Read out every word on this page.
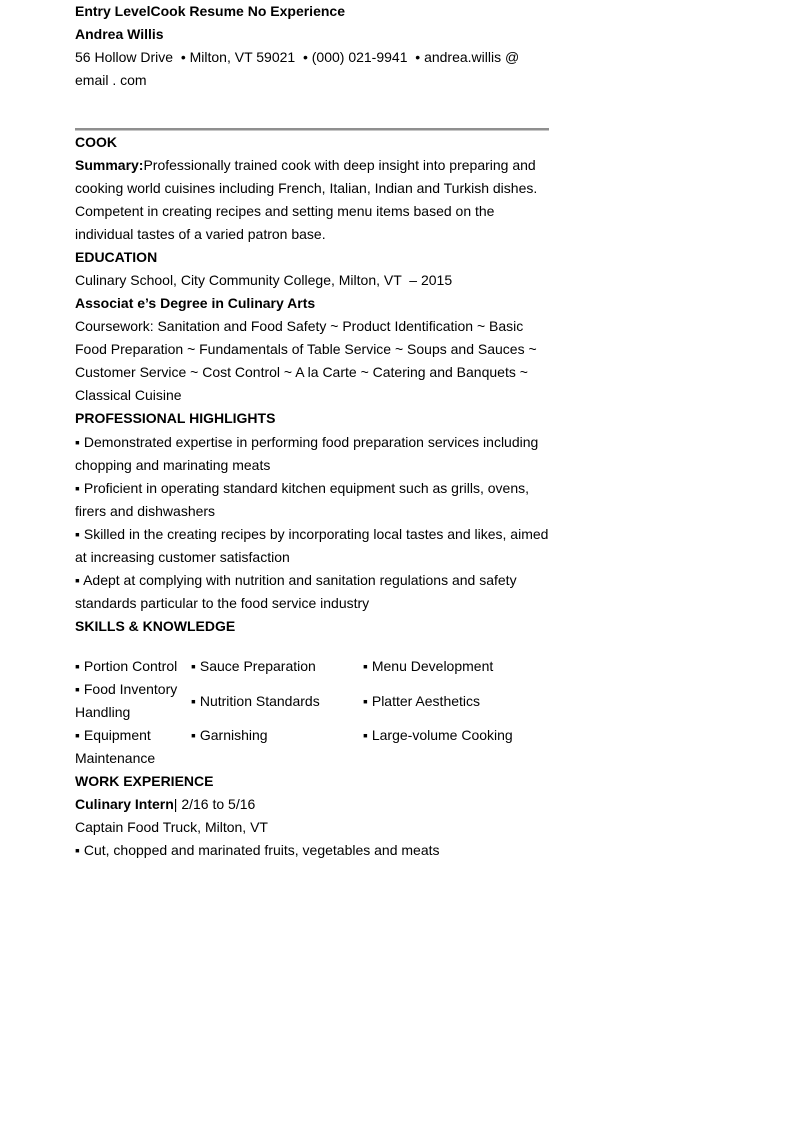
Entry LevelCook Resume No Experience

Andrea Willis

56 Hollow Drive  • Milton, VT 59021  • (000) 021-9941  • andrea.willis @ email . com

COOK

Summary:Professionally trained cook with deep insight into preparing and cooking world cuisines including French, Italian, Indian and Turkish dishes. Competent in creating recipes and setting menu items based on the individual tastes of a varied patron base.

EDUCATION

Culinary School, City Community College, Milton, VT  – 2015

Associat e’s Degree in Culinary Arts

Coursework: Sanitation and Food Safety ~ Product Identification ~ Basic Food Preparation ~ Fundamentals of Table Service ~ Soups and Sauces ~ Customer Service ~ Cost Control ~ A la Carte ~ Catering and Banquets ~ Classical Cuisine

PROFESSIONAL HIGHLIGHTS

▪ Demonstrated expertise in performing food preparation services including chopping and marinating meats

▪ Proficient in operating standard kitchen equipment such as grills, ovens, firers and dishwashers

▪ Skilled in the creating recipes by incorporating local tastes and likes, aimed at increasing customer satisfaction

▪ Adept at complying with nutrition and sanitation regulations and safety standards particular to the food service industry

SKILLS & KNOWLEDGE
▪ Portion Control	▪ Sauce Preparation	▪ Menu Development
▪ Food Inventory Handling	▪ Nutrition Standards	▪ Platter Aesthetics
▪ Equipment Maintenance	▪ Garnishing	▪ Large-volume Cooking
WORK EXPERIENCE

Culinary Intern| 2/16 to 5/16

Captain Food Truck, Milton, VT

▪ Cut, chopped and marinated fruits, vegetables and meats
